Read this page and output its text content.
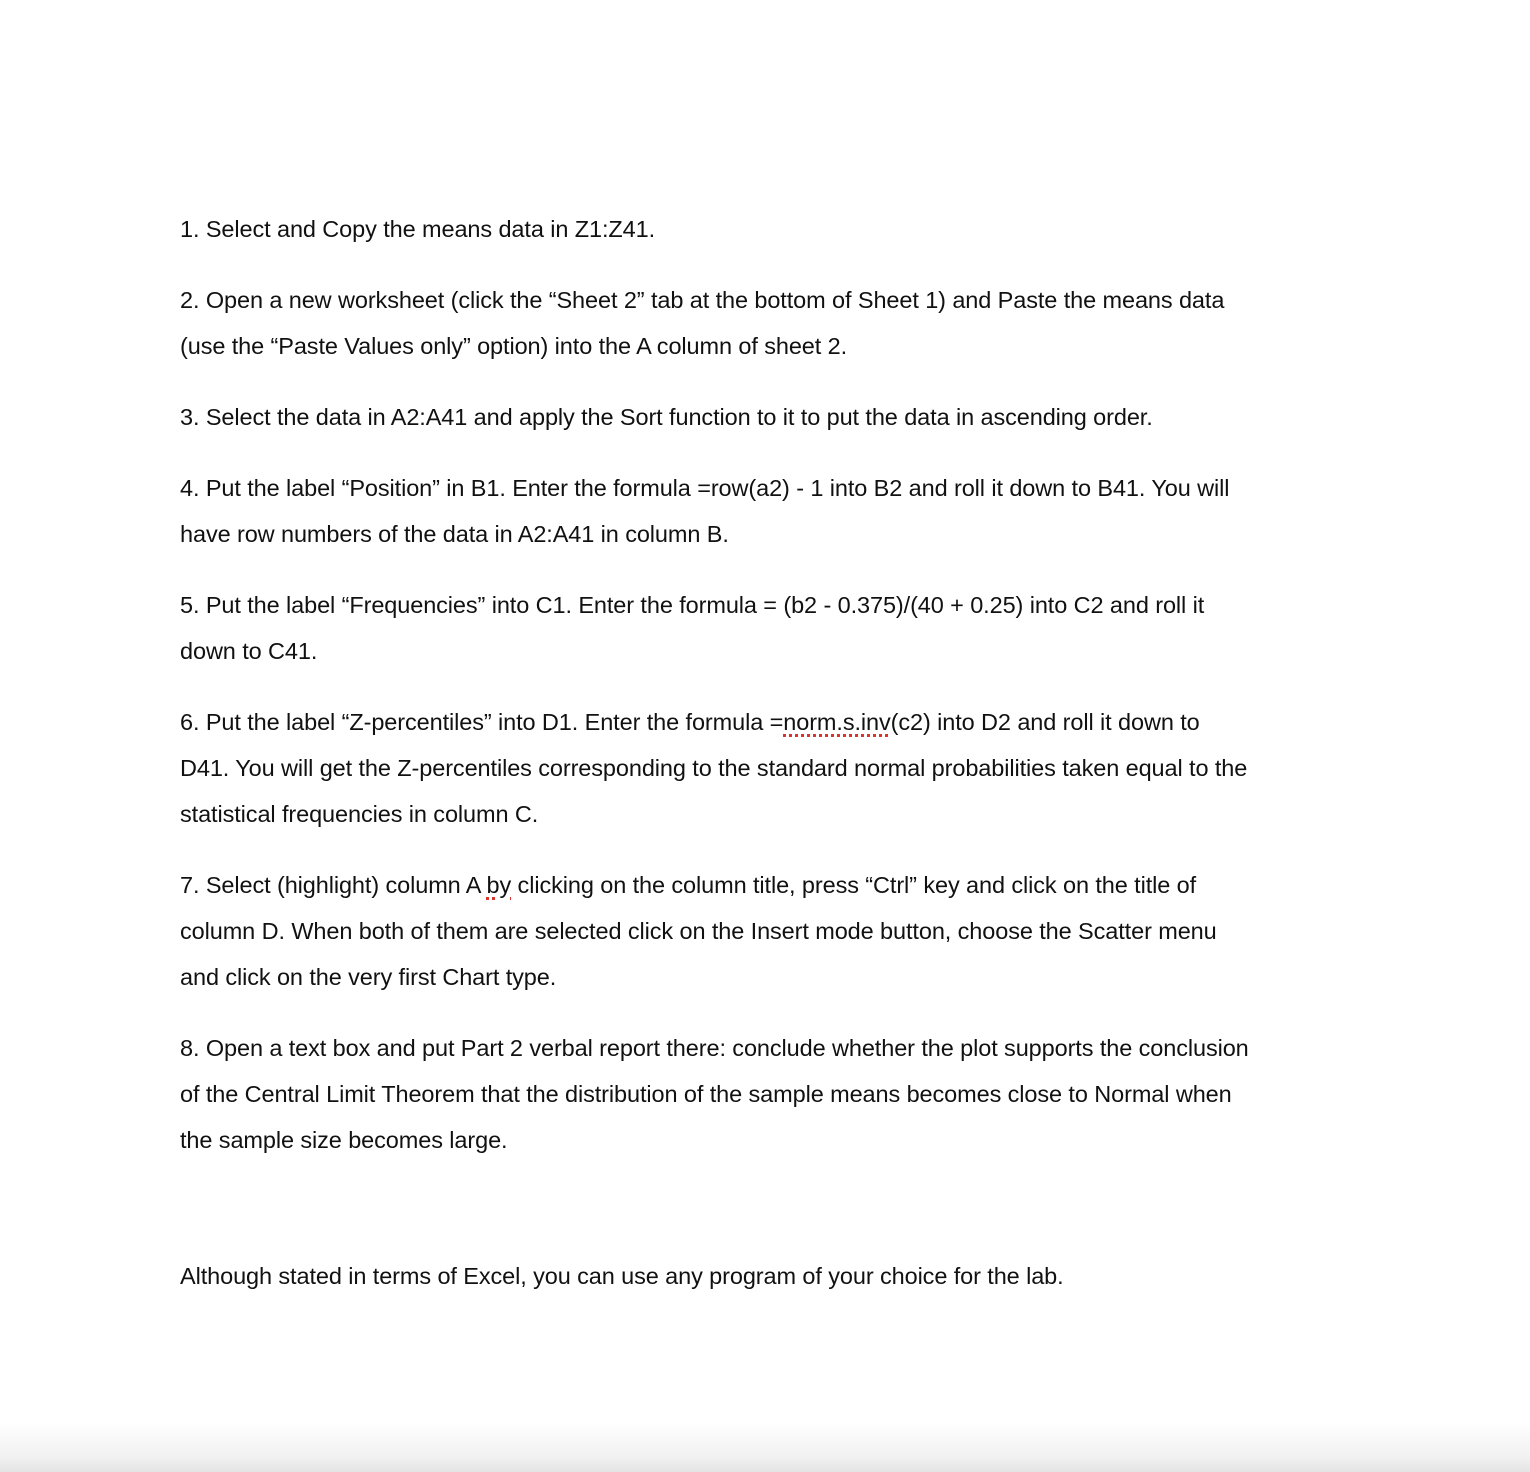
1. Select and Copy the means data in Z1:Z41.

2. Open a new worksheet (click the “Sheet 2” tab at the bottom of Sheet 1) and Paste the means data

(use the “Paste Values only” option) into the A column of sheet 2.

3. Select the data in A2:A41 and apply the Sort function to it to put the data in ascending order.

4. Put the label “Position” in B1. Enter the formula =row(a2) - 1 into B2 and roll it down to B41. You will

have row numbers of the data in A2:A41 in column B.

5. Put the label “Frequencies” into C1. Enter the formula = (b2 - 0.375)/(40 + 0.25) into C2 and roll it

down to C41.

6. Put the label “Z-percentiles” into D1. Enter the formula =norm.s.inv(c2) into D2 and roll it down to

D41. You will get the Z-percentiles corresponding to the standard normal probabilities taken equal to the

statistical frequencies in column C.

7. Select (highlight) column A by clicking on the column title, press “Ctrl” key and click on the title of

column D. When both of them are selected click on the Insert mode button, choose the Scatter menu

and click on the very first Chart type.

8. Open a text box and put Part 2 verbal report there: conclude whether the plot supports the conclusion

of the Central Limit Theorem that the distribution of the sample means becomes close to Normal when

the sample size becomes large.

Although stated in terms of Excel, you can use any program of your choice for the lab.
